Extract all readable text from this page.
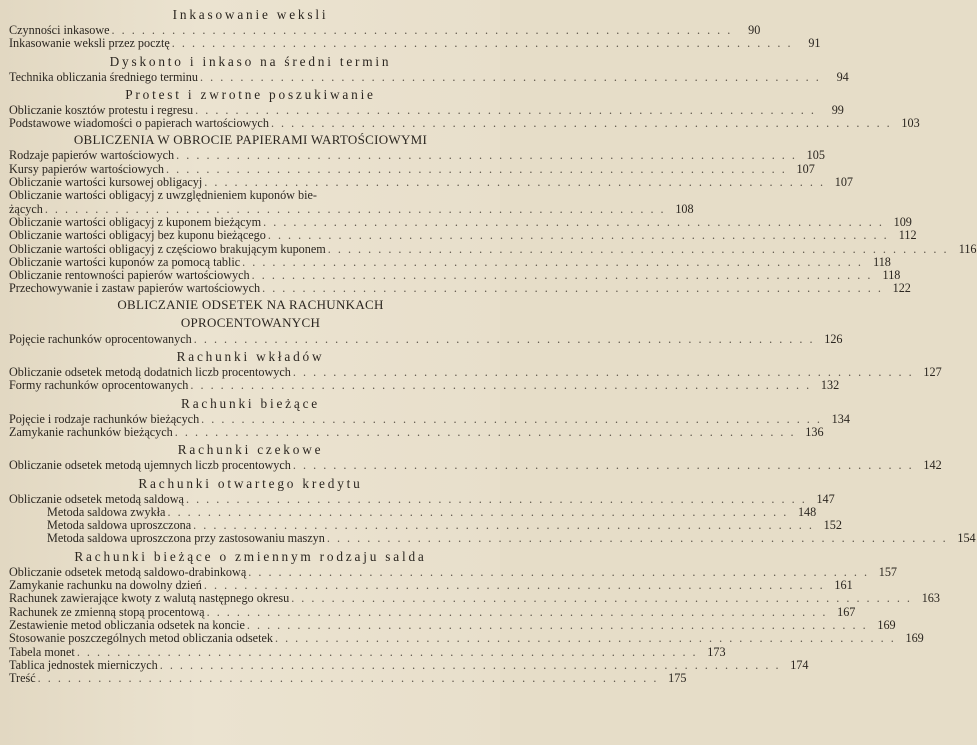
Inkasowanie weksli
Czynności inkasowe . . .	90
Inkasowanie weksli przez pocztę . . .	91
Dyskonto i inkaso na średni termin
Technika obliczania średniego terminu . . .	94
Protest i zwrotne poszukiwanie
Obliczanie kosztów protestu i regresu . . .	99
Podstawowe wiadomości o papierach wartościowych . . .	103
OBLICZENIA W OBROCIE PAPIERAMI WARTOŚCIOWYMI
Rodzaje papierów wartościowych . . .	105
Kursy papierów wartościowych . . .	107
Obliczanie wartości kursowej obligacyj . . .	107
Obliczanie wartości obligacyj z uwzględnieniem kuponów bie-
żących . . .	108
Obliczanie wartości obligacyj z kuponem bieżącym . . .	109
Obliczanie wartości obligacyj bez kuponu bieżącego . . .	112
Obliczanie wartości obligacyj z częściowo brakującym kuponem . . .	116
Obliczanie wartości kuponów za pomocą tablic . . .	118
Obliczanie rentowności papierów wartościowych . . .	118
Przechowywanie i zastaw papierów wartościowych . . .	122
OBLICZANIE ODSETEK NA RACHUNKACH
OPROCENTOWANYCH
Pojęcie rachunków oprocentowanych . . .	126
Rachunki wkładów
Obliczanie odsetek metodą dodatnich liczb procentowych . . .	127
Formy rachunków oprocentowanych . . .	132
Rachunki bieżące
Pojęcie i rodzaje rachunków bieżących . . .	134
Zamykanie rachunków bieżących . . .	136
Rachunki czekowe
Obliczanie odsetek metodą ujemnych liczb procentowych . . .	142
Rachunki otwartego kredytu
Obliczanie odsetek metodą saldową . . .	147
Metoda saldowa zwykła . . .	148
Metoda saldowa uproszczona . . .	152
Metoda saldowa uproszczona przy zastosowaniu maszyn . . .	154
Rachunki bieżące o zmiennym rodzaju salda
Obliczanie odsetek metodą saldowo-drabinkową . . .	157
Zamykanie rachunku na dowolny dzień . . .	161
Rachunek zawierające kwoty z walutą następnego okresu . . .	163
Rachunek ze zmienną stopą procentową . . .	167
Zestawienie metod obliczania odsetek na koncie . . .	169
Stosowanie poszczególnych metod obliczania odsetek . . .	169
Tabela monet . . .	173
Tablica jednostek mierniczych . . .	174
Treść . . .	175
